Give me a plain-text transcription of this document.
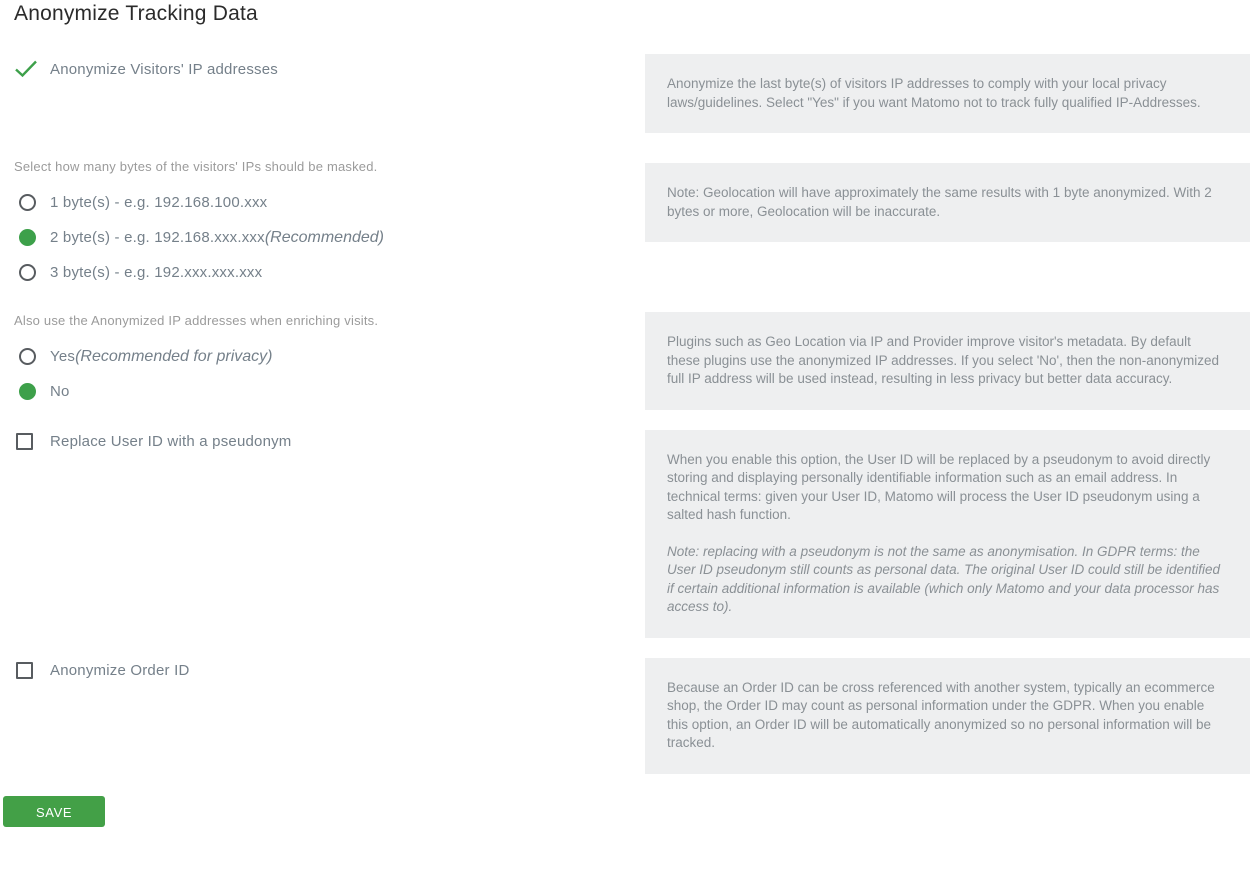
Anonymize Tracking Data
Anonymize Visitors' IP addresses

Anonymize the last byte(s) of visitors IP addresses to comply with your local privacy laws/guidelines. Select "Yes" if you want Matomo not to track fully qualified IP-Addresses.

Select how many bytes of the visitors' IPs should be masked.
1 byte(s) - e.g. 192.168.100.xxx
2 byte(s) - e.g. 192.168.xxx.xxx (Recommended)
3 byte(s) - e.g. 192.xxx.xxx.xxx

Note: Geolocation will have approximately the same results with 1 byte anonymized. With 2 bytes or more, Geolocation will be inaccurate.

Also use the Anonymized IP addresses when enriching visits.
Yes (Recommended for privacy)
No

Plugins such as Geo Location via IP and Provider improve visitor's metadata. By default these plugins use the anonymized IP addresses. If you select 'No', then the non-anonymized full IP address will be used instead, resulting in less privacy but better data accuracy.

Replace User ID with a pseudonym

When you enable this option, the User ID will be replaced by a pseudonym to avoid directly storing and displaying personally identifiable information such as an email address. In technical terms: given your User ID, Matomo will process the User ID pseudonym using a salted hash function.

Note: replacing with a pseudonym is not the same as anonymisation. In GDPR terms: the User ID pseudonym still counts as personal data. The original User ID could still be identified if certain additional information is available (which only Matomo and your data processor has access to).

Anonymize Order ID

Because an Order ID can be cross referenced with another system, typically an ecommerce shop, the Order ID may count as personal information under the GDPR. When you enable this option, an Order ID will be automatically anonymized so no personal information will be tracked.

SAVE
